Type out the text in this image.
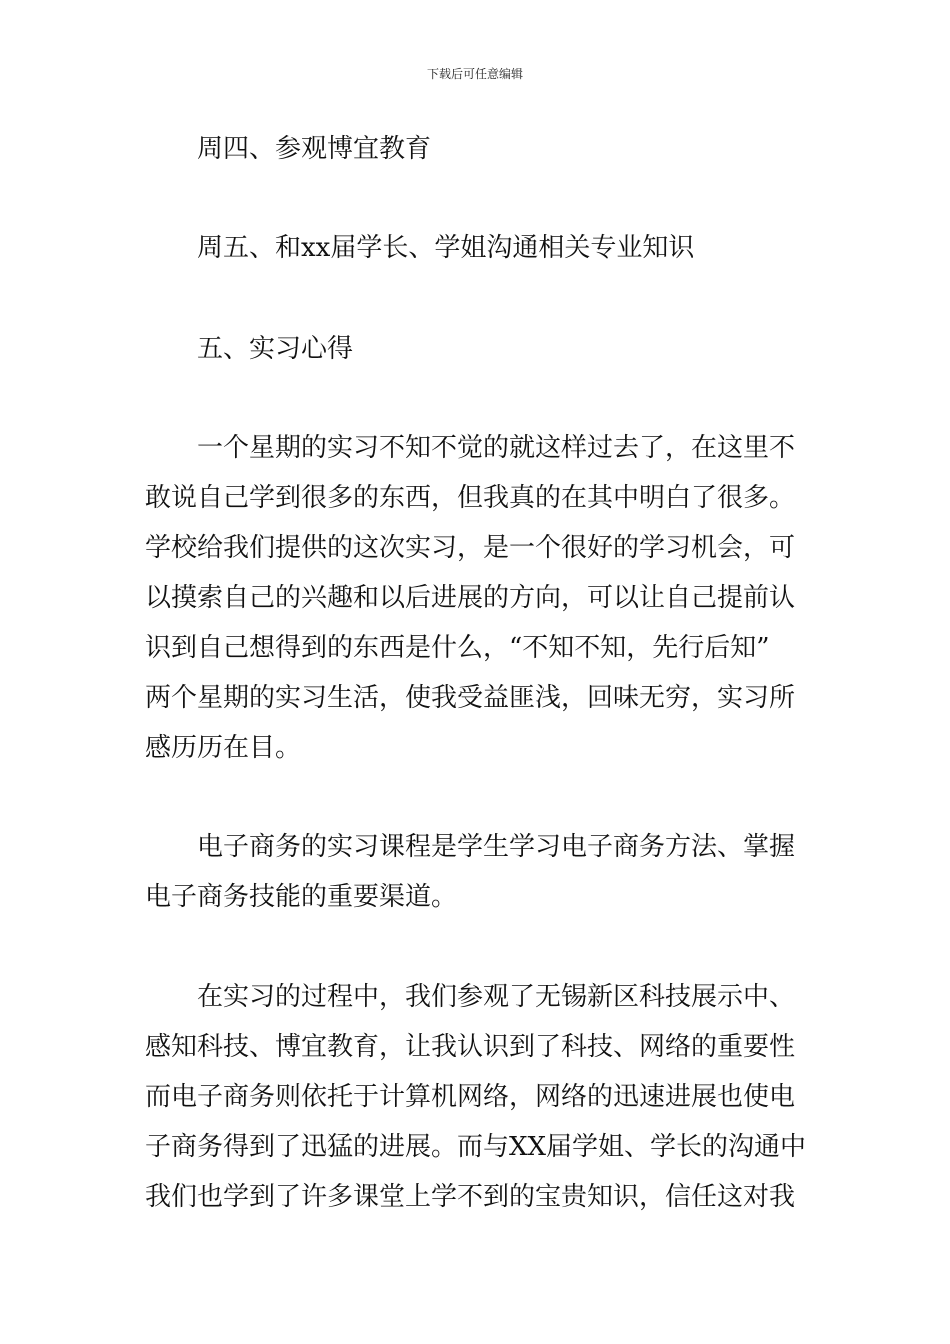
下载后可任意编辑
周四、参观博宜教育
周五、和xx届学长、学姐沟通相关专业知识
五、实习心得
一个星期的实习不知不觉的就这样过去了，在这里不
敢说自己学到很多的东西，但我真的在其中明白了很多。
学校给我们提供的这次实习，是一个很好的学习机会，可
以摸索自己的兴趣和以后进展的方向，可以让自己提前认
识到自己想得到的东西是什么，“不知不知，先行后知”
两个星期的实习生活，使我受益匪浅，回味无穷，实习所
感历历在目。
电子商务的实习课程是学生学习电子商务方法、掌握
电子商务技能的重要渠道。
在实习的过程中，我们参观了无锡新区科技展示中、
感知科技、博宜教育，让我认识到了科技、网络的重要性
而电子商务则依托于计算机网络，网络的迅速进展也使电
子商务得到了迅猛的进展。而与XX届学姐、学长的沟通中
我们也学到了许多课堂上学不到的宝贵知识，信任这对我
